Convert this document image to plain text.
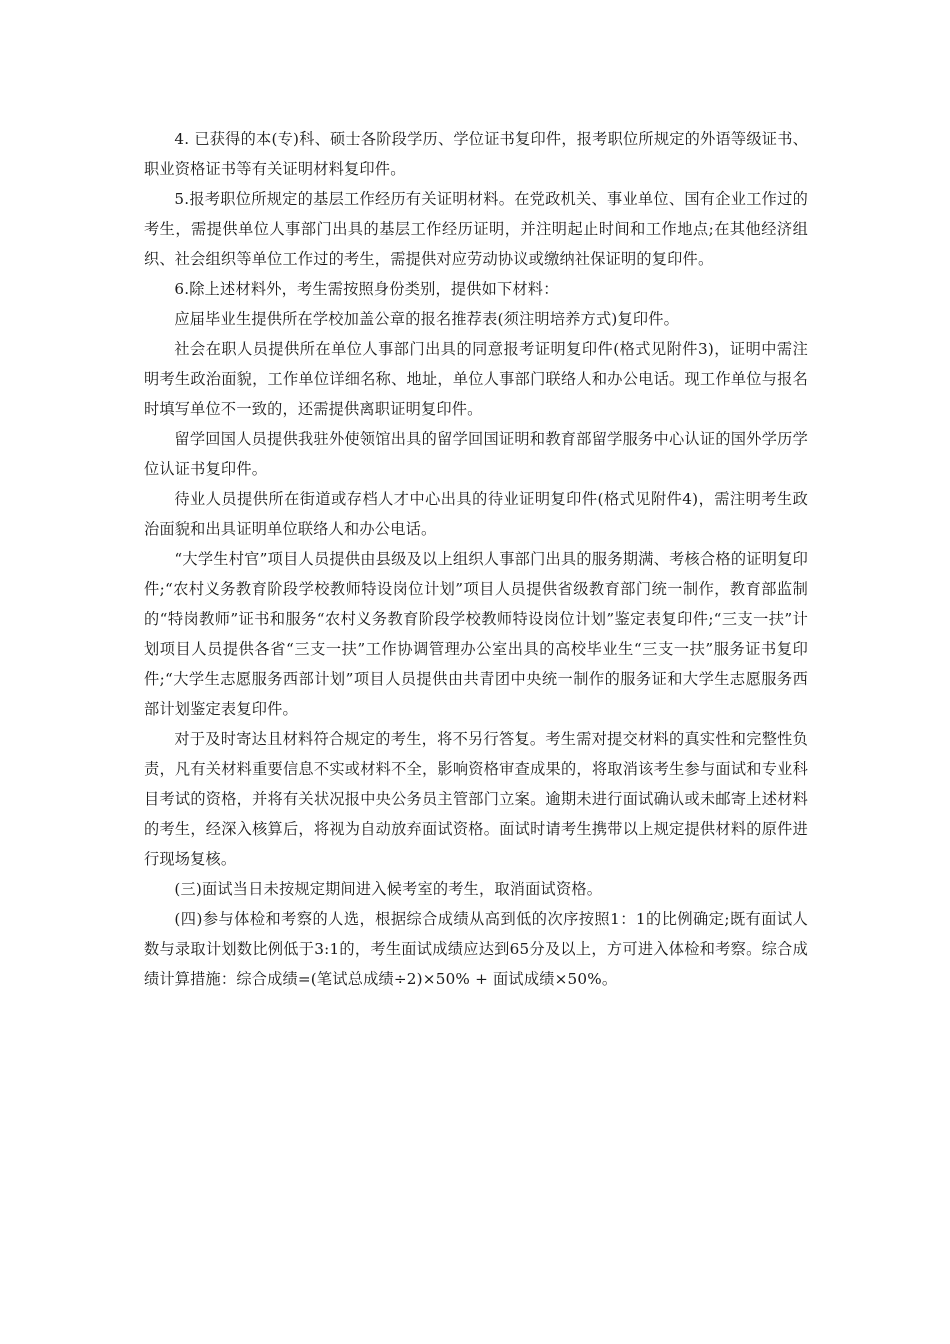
4. 已获得的本(专)科、硕士各阶段学历、学位证书复印件，报考职位所规定的外语等级证书、职业资格证书等有关证明材料复印件。

5.报考职位所规定的基层工作经历有关证明材料。在党政机关、事业单位、国有企业工作过的考生，需提供单位人事部门出具的基层工作经历证明，并注明起止时间和工作地点;在其他经济组织、社会组织等单位工作过的考生，需提供对应劳动协议或缴纳社保证明的复印件。

6.除上述材料外，考生需按照身份类别，提供如下材料：

应届毕业生提供所在学校加盖公章的报名推荐表(须注明培养方式)复印件。

社会在职人员提供所在单位人事部门出具的同意报考证明复印件(格式见附件3)，证明中需注明考生政治面貌，工作单位详细名称、地址，单位人事部门联络人和办公电话。现工作单位与报名时填写单位不一致的，还需提供离职证明复印件。

留学回国人员提供我驻外使领馆出具的留学回国证明和教育部留学服务中心认证的国外学历学位认证书复印件。

待业人员提供所在街道或存档人才中心出具的待业证明复印件(格式见附件4)，需注明考生政治面貌和出具证明单位联络人和办公电话。

“大学生村官”项目人员提供由县级及以上组织人事部门出具的服务期满、考核合格的证明复印件;“农村义务教育阶段学校教师特设岗位计划”项目人员提供省级教育部门统一制作，教育部监制的“特岗教师”证书和服务“农村义务教育阶段学校教师特设岗位计划”鉴定表复印件;“三支一扶”计划项目人员提供各省“三支一扶”工作协调管理办公室出具的高校毕业生“三支一扶”服务证书复印件;“大学生志愿服务西部计划”项目人员提供由共青团中央统一制作的服务证和大学生志愿服务西部计划鉴定表复印件。

对于及时寄达且材料符合规定的考生，将不另行答复。考生需对提交材料的真实性和完整性负责，凡有关材料重要信息不实或材料不全，影响资格审查成果的，将取消该考生参与面试和专业科目考试的资格，并将有关状况报中央公务员主管部门立案。逾期未进行面试确认或未邮寄上述材料的考生，经深入核算后，将视为自动放弃面试资格。面试时请考生携带以上规定提供材料的原件进行现场复核。

(三)面试当日未按规定期间进入候考室的考生，取消面试资格。

(四)参与体检和考察的人选，根据综合成绩从高到低的次序按照1：1的比例确定;既有面试人数与录取计划数比例低于3:1的，考生面试成绩应达到65分及以上，方可进入体检和考察。综合成绩计算措施：综合成绩=(笔试总成绩÷2)×50% + 面试成绩×50%。
